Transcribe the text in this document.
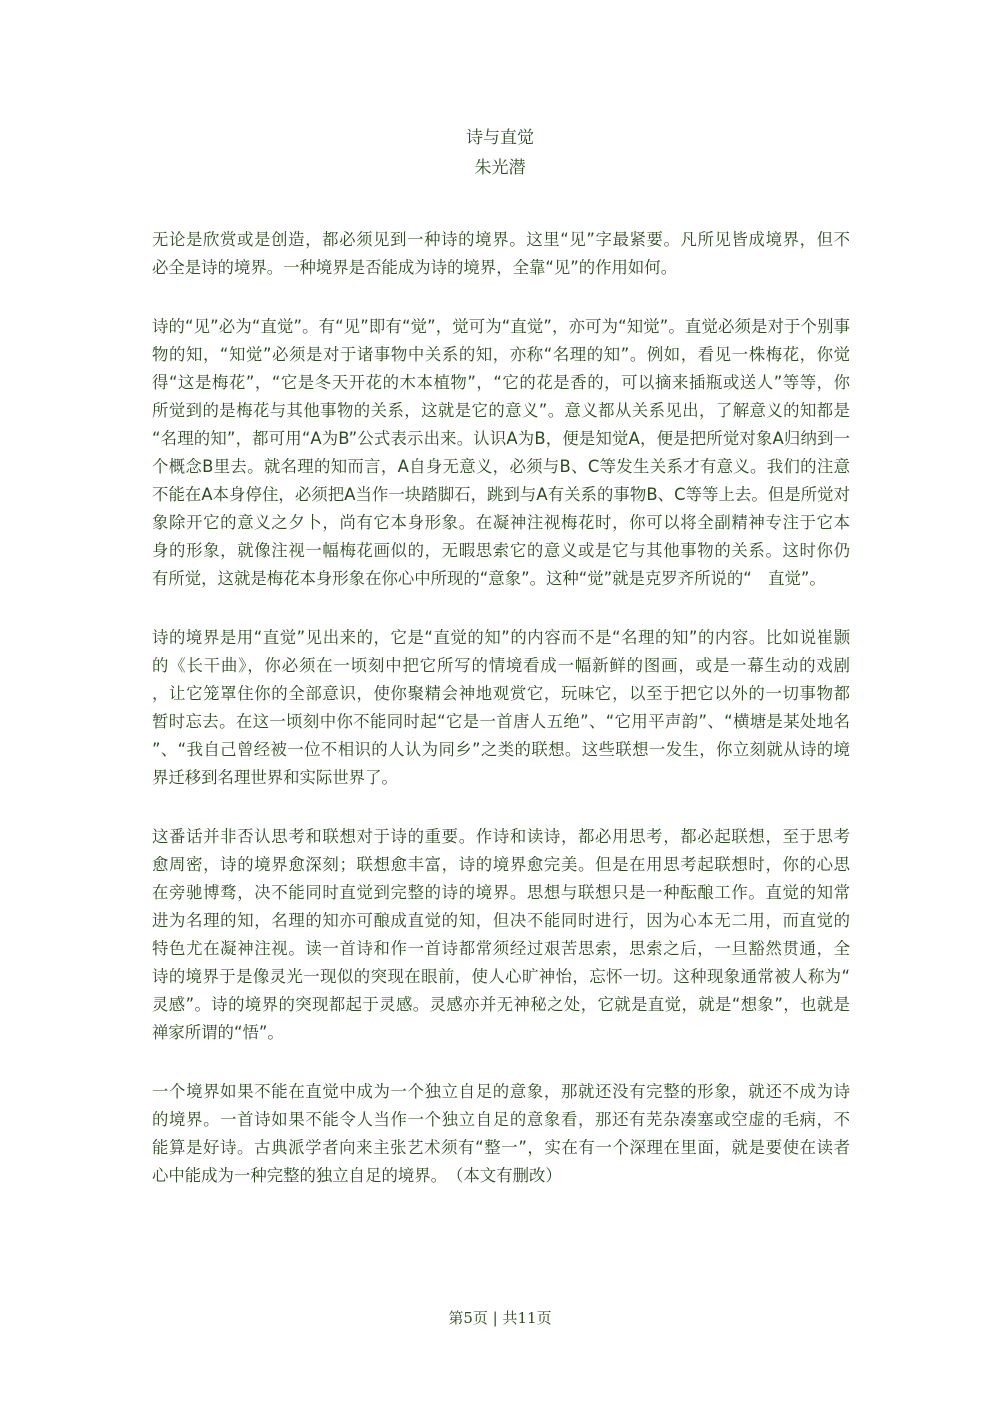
诗与直觉
朱光潜
无论是欣赏或是创造，都必须见到一种诗的境界。这里“见”字最紧要。凡所见皆成境界，但不
必全是诗的境界。一种境界是否能成为诗的境界，全靠“见”的作用如何。
诗的“见”必为“直觉”。有“见”即有“觉”，觉可为“直觉”，亦可为“知觉”。直觉必须是对于个别事
物的知，“知觉”必须是对于诸事物中关系的知，亦称“名理的知”。例如，看见一株梅花，你觉
得“这是梅花”，“它是冬天开花的木本植物”，“它的花是香的，可以摘来插瓶或送人”等等，你
所觉到的是梅花与其他事物的关系，这就是它的意义”。意义都从关系见出，了解意义的知都是
“名理的知”，都可用“A为B”公式表示出来。认识A为B，便是知觉A，便是把所觉对象A归纳到一
个概念B里去。就名理的知而言，A自身无意义，必须与B、C等发生关系才有意义。我们的注意
不能在A本身停住，必须把A当作一块踏脚石，跳到与A有关系的事物B、C等等上去。但是所觉对
象除开它的意义之夕卜，尚有它本身形象。在凝神注视梅花时，你可以将全副精神专注于它本
身的形象，就像注视一幅梅花画似的，无暇思索它的意义或是它与其他事物的关系。这时你仍
有所觉，这就是梅花本身形象在你心中所现的“意象”。这种“觉”就是克罗齐所说的“　直觉”。
诗的境界是用“直觉”见出来的，它是“直觉的知”的内容而不是“名理的知”的内容。比如说崔颢
的《长干曲》，你必须在一顷刻中把它所写的情境看成一幅新鲜的图画，或是一幕生动的戏剧
，让它笼罩住你的全部意识，使你聚精会神地观赏它，玩味它，以至于把它以外的一切事物都
暂时忘去。在这一顷刻中你不能同时起“它是一首唐人五绝”、“它用平声韵”、“横塘是某处地名
”、“我自己曾经被一位不相识的人认为同乡”之类的联想。这些联想一发生，你立刻就从诗的境
界迁移到名理世界和实际世界了。
这番话并非否认思考和联想对于诗的重要。作诗和读诗，都必用思考，都必起联想，至于思考
愈周密，诗的境界愈深刻；联想愈丰富，诗的境界愈完美。但是在用思考起联想时，你的心思
在旁驰博骛，决不能同时直觉到完整的诗的境界。思想与联想只是一种酝酿工作。直觉的知常
进为名理的知，名理的知亦可酿成直觉的知，但决不能同时进行，因为心本无二用，而直觉的
特色尤在凝神注视。读一首诗和作一首诗都常须经过艰苦思索，思索之后，一旦豁然贯通，全
诗的境界于是像灵光一现似的突现在眼前，使人心旷神怡，忘怀一切。这种现象通常被人称为“
灵感”。诗的境界的突现都起于灵感。灵感亦并无神秘之处，它就是直觉，就是“想象”，也就是
禅家所谓的“悟”。
一个境界如果不能在直觉中成为一个独立自足的意象，那就还没有完整的形象，就还不成为诗
的境界。一首诗如果不能令人当作一个独立自足的意象看，那还有芜杂凑塞或空虚的毛病，不
能算是好诗。古典派学者向来主张艺术须有“整一”，实在有一个深理在里面，就是要使在读者
心中能成为一种完整的独立自足的境界。　（本文有删改）
第5页 | 共11页
